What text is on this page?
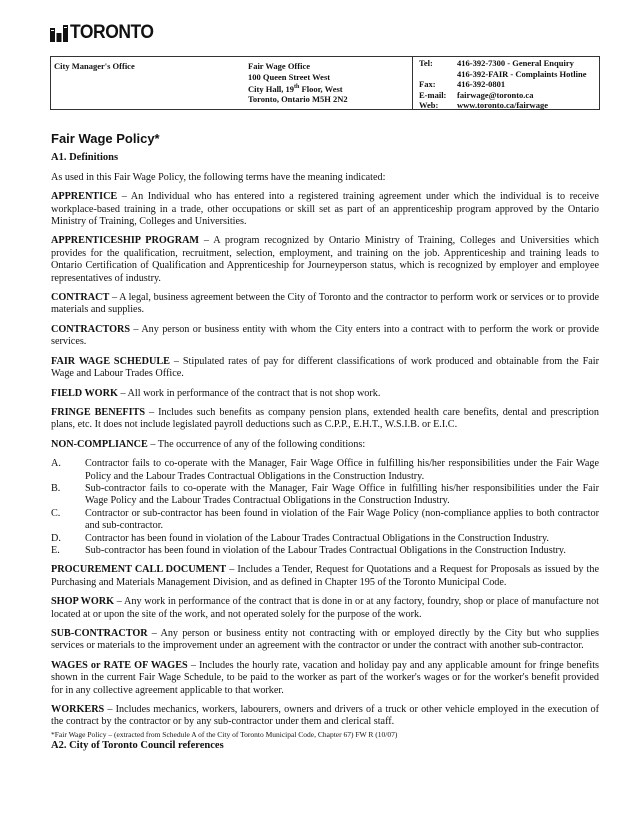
TORONTO
City Manager's Office	Fair Wage Office
100 Queen Street West
City Hall, 19th Floor, West
Toronto, Ontario M5H 2N2
Tel:	416-392-7300 - General Enquiry
416-392-FAIR - Complaints Hotline
Fax:	416-392-0801
E-mail:	fairwage@toronto.ca
Web:	www.toronto.ca/fairwage
Fair Wage Policy*
A1. Definitions

As used in this Fair Wage Policy, the following terms have the meaning indicated:

APPRENTICE – An Individual who has entered into a registered training agreement under which the individual is to receive workplace-based training in a trade, other occupations or skill set as part of an apprenticeship program approved by the Ontario Ministry of Training, Colleges and Universities.

APPRENTICESHIP PROGRAM – A program recognized by Ontario Ministry of Training, Colleges and Universities which provides for the qualification, recruitment, selection, employment, and training on the job. Apprenticeship and training leads to Ontario Certification of Qualification and Apprenticeship for Journeyperson status, which is recognized by employer and employee representatives of industry.

CONTRACT – A legal, business agreement between the City of Toronto and the contractor to perform work or services or to provide materials and supplies.

CONTRACTORS – Any person or business entity with whom the City enters into a contract with to perform the work or provide services.

FAIR WAGE SCHEDULE – Stipulated rates of pay for different classifications of work produced and obtainable from the Fair Wage and Labour Trades Office.

FIELD WORK – All work in performance of the contract that is not shop work.

FRINGE BENEFITS – Includes such benefits as company pension plans, extended health care benefits, dental and prescription plans, etc. It does not include legislated payroll deductions such as C.P.P., E.H.T., W.S.I.B. or E.I.C.

NON-COMPLIANCE – The occurrence of any of the following conditions:

A.	Contractor fails to co-operate with the Manager, Fair Wage Office in fulfilling his/her responsibilities under the Fair Wage Policy and the Labour Trades Contractual Obligations in the Construction Industry.
B.	Sub-contractor fails to co-operate with the Manager, Fair Wage Office in fulfilling his/her responsibilities under the Fair Wage Policy and the Labour Trades Contractual Obligations in the Construction Industry.
C.	Contractor or sub-contractor has been found in violation of the Fair Wage Policy (non-compliance applies to both contractor and sub-contractor.
D.	Contractor has been found in violation of the Labour Trades Contractual Obligations in the Construction Industry.
E.	Sub-contractor has been found in violation of the Labour Trades Contractual Obligations in the Construction Industry.

PROCUREMENT CALL DOCUMENT – Includes a Tender, Request for Quotations and a Request for Proposals as issued by the Purchasing and Materials Management Division, and as defined in Chapter 195 of the Toronto Municipal Code.

SHOP WORK – Any work in performance of the contract that is done in or at any factory, foundry, shop or place of manufacture not located at or upon the site of the work, and not operated solely for the purpose of the work.

SUB-CONTRACTOR – Any person or business entity not contracting with or employed directly by the City but who supplies services or materials to the improvement under an agreement with the contractor or under the contract with another sub-contractor.

WAGES or RATE OF WAGES – Includes the hourly rate, vacation and holiday pay and any applicable amount for fringe benefits shown in the current Fair Wage Schedule, to be paid to the worker as part of the worker's wages or for the worker's benefit provided for in any collective agreement applicable to that worker.

WORKERS – Includes mechanics, workers, labourers, owners and drivers of a truck or other vehicle employed in the execution of the contract by the contractor or by any sub-contractor under them and clerical staff.

*Fair Wage Policy – (extracted from Schedule A of the City of Toronto Municipal Code, Chapter 67) FW R (10/07)
A2. City of Toronto Council references
